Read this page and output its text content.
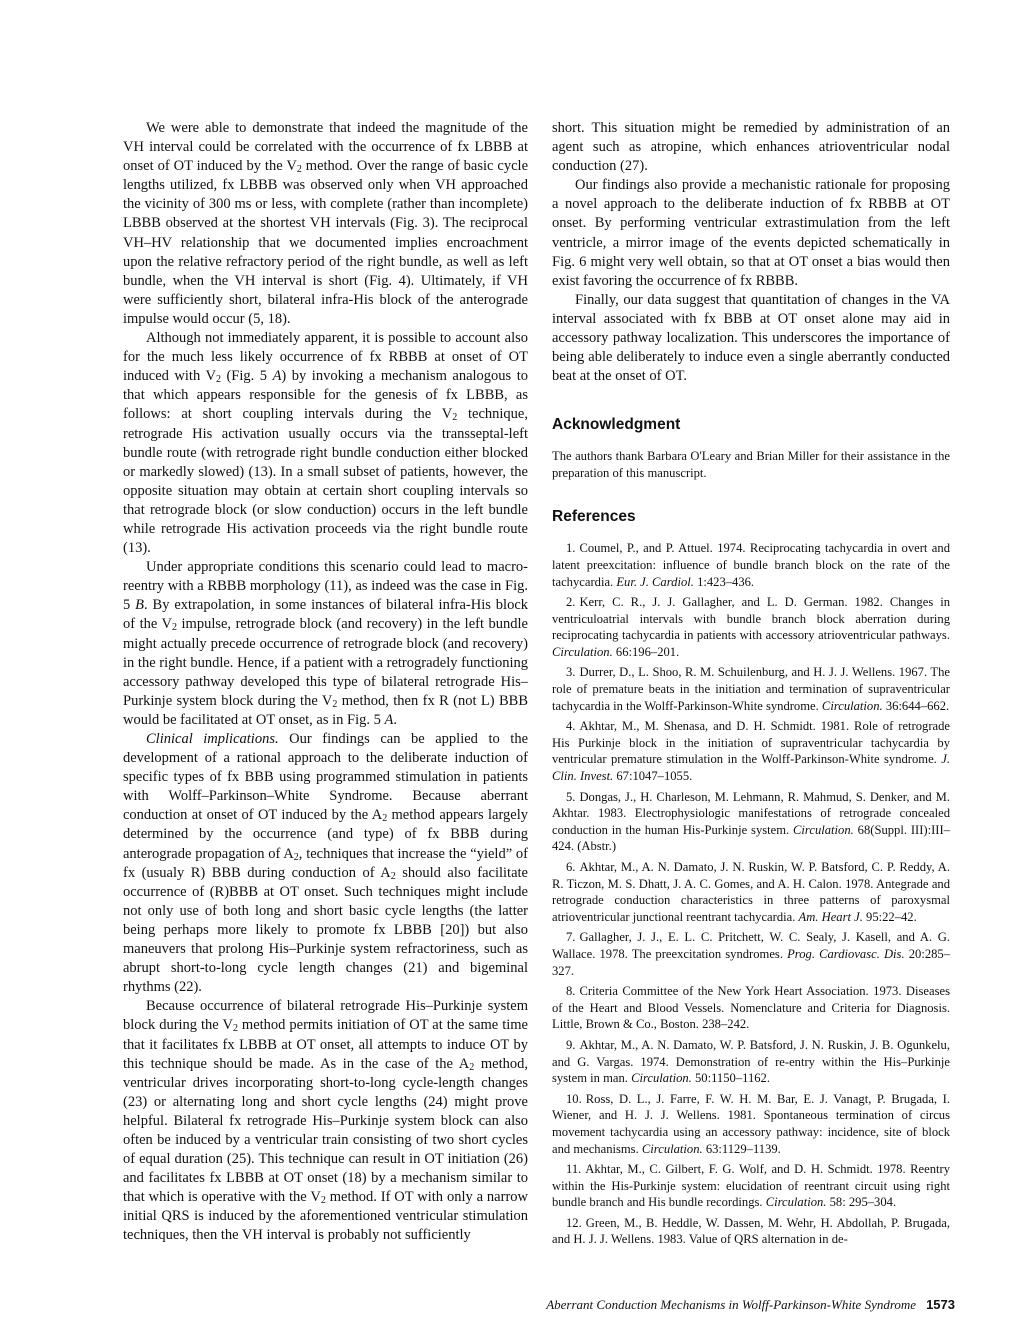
We were able to demonstrate that indeed the magnitude of the VH interval could be correlated with the occurrence of fx LBBB at onset of OT induced by the $V_2$ method. Over the range of basic cycle lengths utilized, fx LBBB was observed only when VH approached the vicinity of 300 ms or less, with complete (rather than incomplete) LBBB observed at the shortest VH intervals (Fig. 3). The reciprocal VH–HV relationship that we documented implies encroachment upon the relative refractory period of the right bundle, as well as left bundle, when the VH interval is short (Fig. 4). Ultimately, if VH were sufficiently short, bilateral infra-His block of the anterograde impulse would occur (5, 18).

Although not immediately apparent, it is possible to account also for the much less likely occurrence of fx RBBB at onset of OT induced with $V_2$ (Fig. 5 A) by invoking a mechanism analogous to that which appears responsible for the genesis of fx LBBB, as follows: at short coupling intervals during the $V_2$ technique, retrograde His activation usually occurs via the transseptal-left bundle route (with retrograde right bundle conduction either blocked or markedly slowed) (13). In a small subset of patients, however, the opposite situation may obtain at certain short coupling intervals so that retrograde block (or slow conduction) occurs in the left bundle while retrograde His activation proceeds via the right bundle route (13).

Under appropriate conditions this scenario could lead to macro-reentry with a RBBB morphology (11), as indeed was the case in Fig. 5 B. By extrapolation, in some instances of bilateral infra-His block of the $V_2$ impulse, retrograde block (and recovery) in the left bundle might actually precede occurrence of retrograde block (and recovery) in the right bundle. Hence, if a patient with a retrogradely functioning accessory pathway developed this type of bilateral retrograde His–Purkinje system block during the $V_2$ method, then fx R (not L) BBB would be facilitated at OT onset, as in Fig. 5 A.

Clinical implications. Our findings can be applied to the development of a rational approach to the deliberate induction of specific types of fx BBB using programmed stimulation in patients with Wolff–Parkinson–White Syndrome. Because aberrant conduction at onset of OT induced by the $A_2$ method appears largely determined by the occurrence (and type) of fx BBB during anterograde propagation of $A_2$, techniques that increase the “yield” of fx (usualy R) BBB during conduction of $A_2$ should also facilitate occurrence of (R)BBB at OT onset. Such techniques might include not only use of both long and short basic cycle lengths (the latter being perhaps more likely to promote fx LBBB [20]) but also maneuvers that prolong His–Purkinje system refractoriness, such as abrupt short-to-long cycle length changes (21) and bigeminal rhythms (22).

Because occurrence of bilateral retrograde His–Purkinje system block during the $V_2$ method permits initiation of OT at the same time that it facilitates fx LBBB at OT onset, all attempts to induce OT by this technique should be made. As in the case of the $A_2$ method, ventricular drives incorporating short-to-long cycle-length changes (23) or alternating long and short cycle lengths (24) might prove helpful. Bilateral fx retrograde His–Purkinje system block can also often be induced by a ventricular train consisting of two short cycles of equal duration (25). This technique can result in OT initiation (26) and facilitates fx LBBB at OT onset (18) by a mechanism similar to that which is operative with the $V_2$ method. If OT with only a narrow initial QRS is induced by the aforementioned ventricular stimulation techniques, then the VH interval is probably not sufficiently

short. This situation might be remedied by administration of an agent such as atropine, which enhances atrioventricular nodal conduction (27).

Our findings also provide a mechanistic rationale for proposing a novel approach to the deliberate induction of fx RBBB at OT onset. By performing ventricular extrastimulation from the left ventricle, a mirror image of the events depicted schematically in Fig. 6 might very well obtain, so that at OT onset a bias would then exist favoring the occurrence of fx RBBB.

Finally, our data suggest that quantitation of changes in the VA interval associated with fx BBB at OT onset alone may aid in accessory pathway localization. This underscores the importance of being able deliberately to induce even a single aberrantly conducted beat at the onset of OT.

Acknowledgment

The authors thank Barbara O'Leary and Brian Miller for their assistance in the preparation of this manuscript.

References
1. Coumel, P., and P. Attuel. 1974. Reciprocating tachycardia in overt and latent preexcitation: influence of bundle branch block on the rate of the tachycardia. Eur. J. Cardiol. 1:423–436.
2. Kerr, C. R., J. J. Gallagher, and L. D. German. 1982. Changes in ventriculoatrial intervals with bundle branch block aberration during reciprocating tachycardia in patients with accessory atrioventricular pathways. Circulation. 66:196–201.
3. Durrer, D., L. Shoo, R. M. Schuilenburg, and H. J. J. Wellens. 1967. The role of premature beats in the initiation and termination of supraventricular tachycardia in the Wolff-Parkinson-White syndrome. Circulation. 36:644–662.
4. Akhtar, M., M. Shenasa, and D. H. Schmidt. 1981. Role of retrograde His Purkinje block in the initiation of supraventricular tachycardia by ventricular premature stimulation in the Wolff-Parkinson-White syndrome. J. Clin. Invest. 67:1047–1055.
5. Dongas, J., H. Charleson, M. Lehmann, R. Mahmud, S. Denker, and M. Akhtar. 1983. Electrophysiologic manifestations of retrograde concealed conduction in the human His-Purkinje system. Circulation. 68(Suppl. III):III–424. (Abstr.)
6. Akhtar, M., A. N. Damato, J. N. Ruskin, W. P. Batsford, C. P. Reddy, A. R. Ticzon, M. S. Dhatt, J. A. C. Gomes, and A. H. Calon. 1978. Antegrade and retrograde conduction characteristics in three patterns of paroxysmal atrioventricular junctional reentrant tachycardia. Am. Heart J. 95:22–42.
7. Gallagher, J. J., E. L. C. Pritchett, W. C. Sealy, J. Kasell, and A. G. Wallace. 1978. The preexcitation syndromes. Prog. Cardiovasc. Dis. 20:285–327.
8. Criteria Committee of the New York Heart Association. 1973. Diseases of the Heart and Blood Vessels. Nomenclature and Criteria for Diagnosis. Little, Brown & Co., Boston. 238–242.
9. Akhtar, M., A. N. Damato, W. P. Batsford, J. N. Ruskin, J. B. Ogunkelu, and G. Vargas. 1974. Demonstration of re-entry within the His–Purkinje system in man. Circulation. 50:1150–1162.
10. Ross, D. L., J. Farre, F. W. H. M. Bar, E. J. Vanagt, P. Brugada, I. Wiener, and H. J. J. Wellens. 1981. Spontaneous termination of circus movement tachycardia using an accessory pathway: incidence, site of block and mechanisms. Circulation. 63:1129–1139.
11. Akhtar, M., C. Gilbert, F. G. Wolf, and D. H. Schmidt. 1978. Reentry within the His-Purkinje system: elucidation of reentrant circuit using right bundle branch and His bundle recordings. Circulation. 58: 295–304.
12. Green, M., B. Heddle, W. Dassen, M. Wehr, H. Abdollah, P. Brugada, and H. J. J. Wellens. 1983. Value of QRS alternation in de-
Aberrant Conduction Mechanisms in Wolff-Parkinson-White Syndrome 1573
